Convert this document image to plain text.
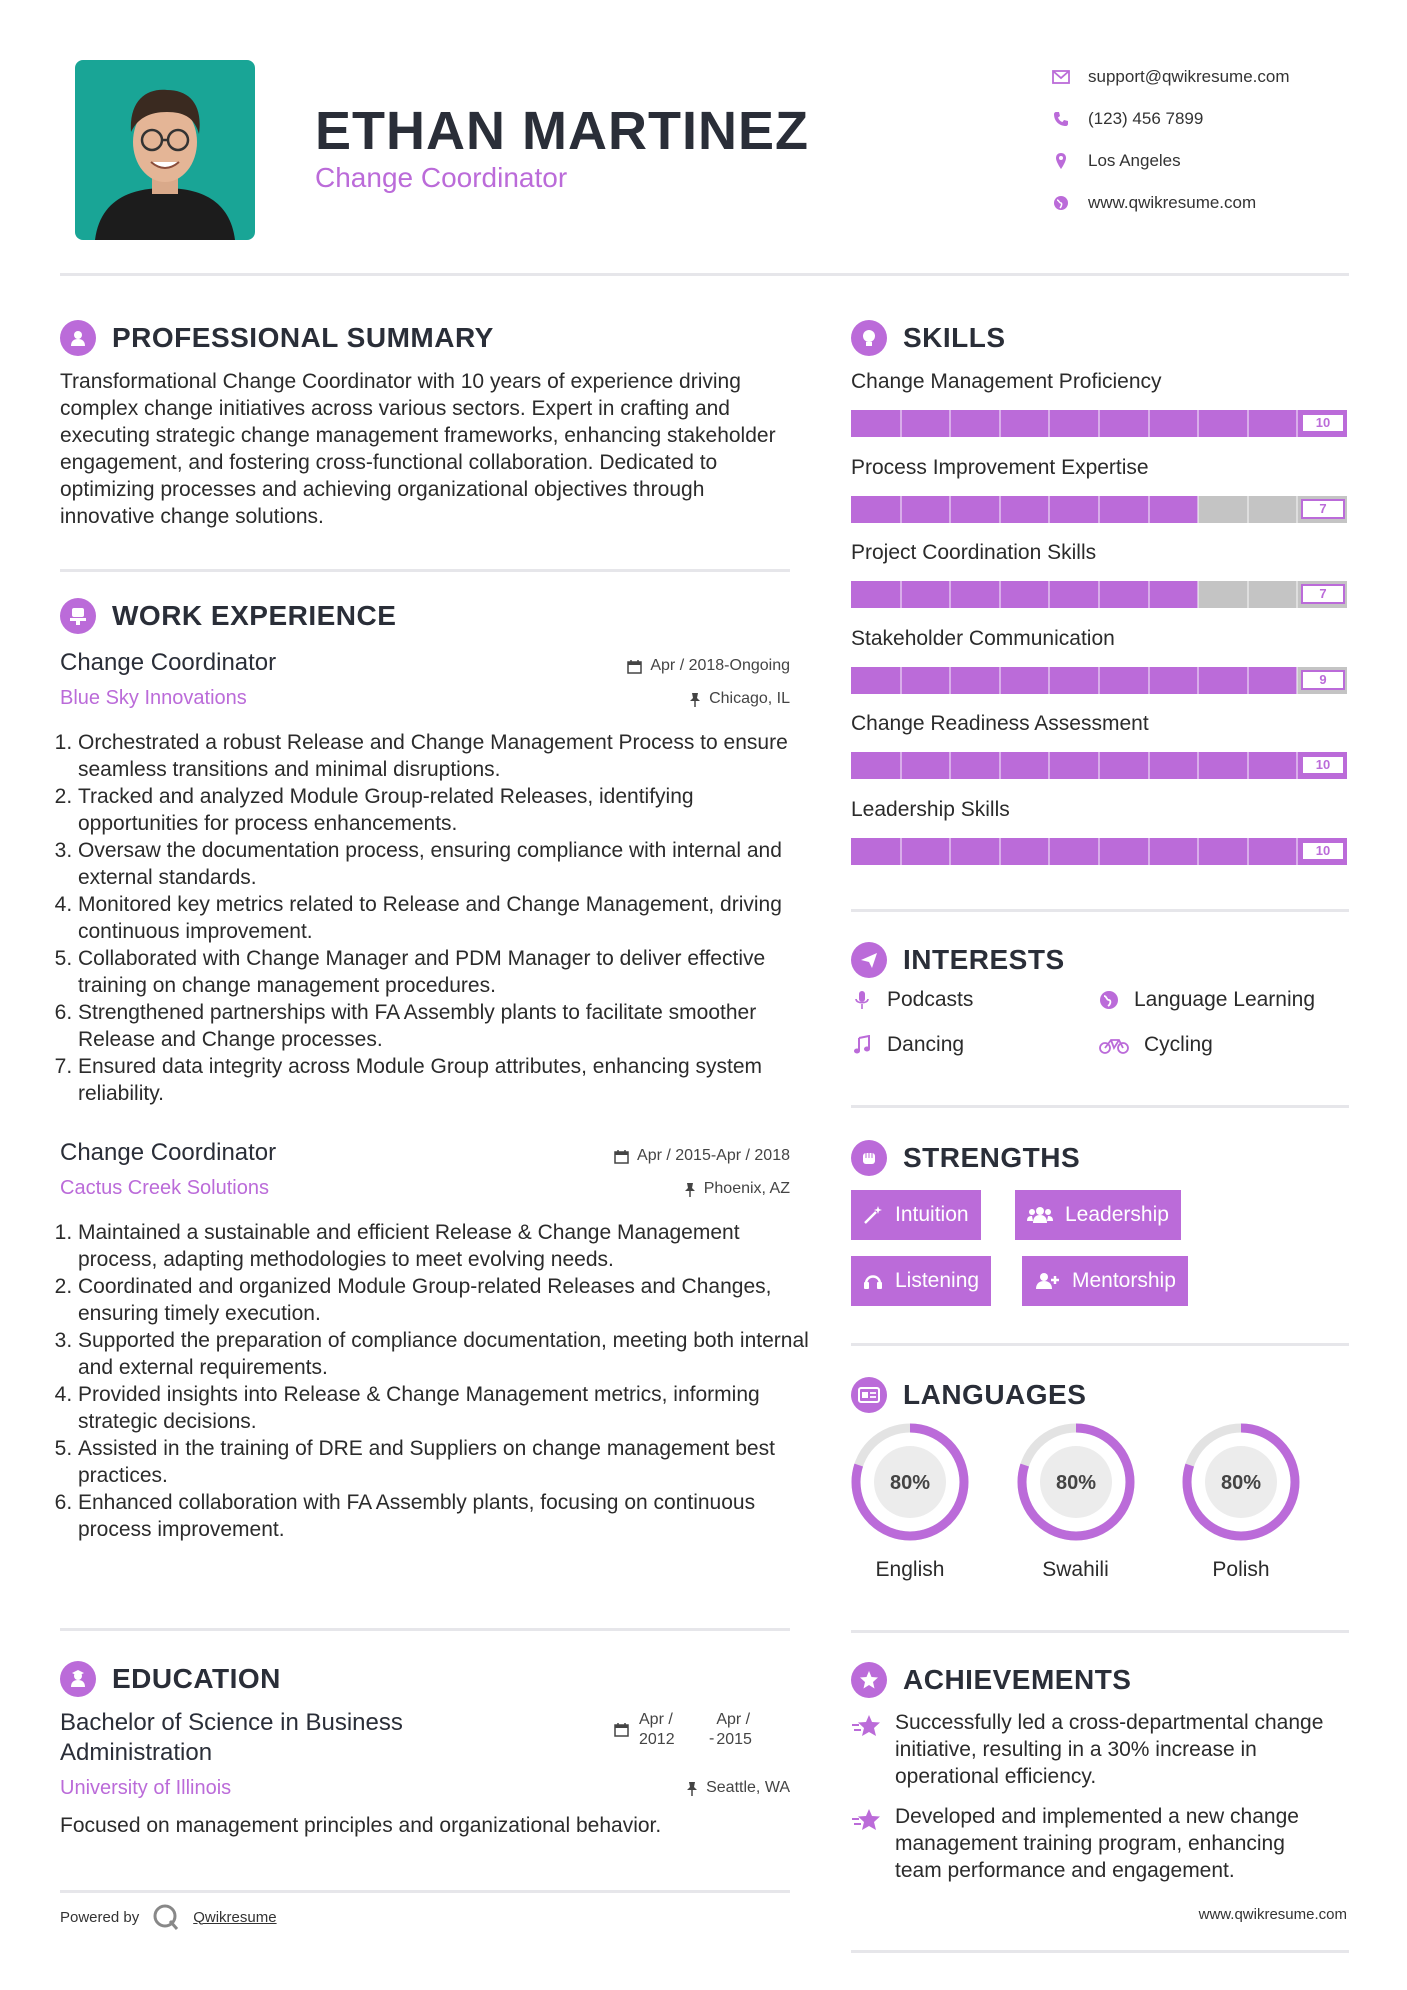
ETHAN MARTINEZ
Change Coordinator
support@qwikresume.com
(123) 456 7899
Los Angeles
www.qwikresume.com
PROFESSIONAL SUMMARY
Transformational Change Coordinator with 10 years of experience driving complex change initiatives across various sectors. Expert in crafting and executing strategic change management frameworks, enhancing stakeholder engagement, and fostering cross-functional collaboration. Dedicated to optimizing processes and achieving organizational objectives through innovative change solutions.
WORK EXPERIENCE
Change Coordinator
Blue Sky Innovations
Apr / 2018-Ongoing
Chicago, IL
1. Orchestrated a robust Release and Change Management Process to ensure seamless transitions and minimal disruptions.
2. Tracked and analyzed Module Group-related Releases, identifying opportunities for process enhancements.
3. Oversaw the documentation process, ensuring compliance with internal and external standards.
4. Monitored key metrics related to Release and Change Management, driving continuous improvement.
5. Collaborated with Change Manager and PDM Manager to deliver effective training on change management procedures.
6. Strengthened partnerships with FA Assembly plants to facilitate smoother Release and Change processes.
7. Ensured data integrity across Module Group attributes, enhancing system reliability.
Change Coordinator
Cactus Creek Solutions
Apr / 2015-Apr / 2018
Phoenix, AZ
1. Maintained a sustainable and efficient Release & Change Management process, adapting methodologies to meet evolving needs.
2. Coordinated and organized Module Group-related Releases and Changes, ensuring timely execution.
3. Supported the preparation of compliance documentation, meeting both internal and external requirements.
4. Provided insights into Release & Change Management metrics, informing strategic decisions.
5. Assisted in the training of DRE and Suppliers on change management best practices.
6. Enhanced collaboration with FA Assembly plants, focusing on continuous process improvement.
EDUCATION
Bachelor of Science in Business
Administration
University of Illinois
Apr / 2012	-
Apr / 2015
Seattle, WA
Focused on management principles and organizational behavior.
Powered by	Qwikresume
SKILLS
Change Management Proficiency
10
Process Improvement Expertise
7
Project Coordination Skills
7
Stakeholder Communication
9
Change Readiness Assessment
10
Leadership Skills
10
INTERESTS
Podcasts	Language Learning
Dancing	Cycling
STRENGTHS
Intuition	Leadership
Listening	Mentorship
LANGUAGES
80%
English
80%
Swahili
80%
Polish
ACHIEVEMENTS
Successfully led a cross-departmental change initiative, resulting in a 30% increase in operational efficiency.
Developed and implemented a new change management training program, enhancing team performance and engagement.
www.qwikresume.com
